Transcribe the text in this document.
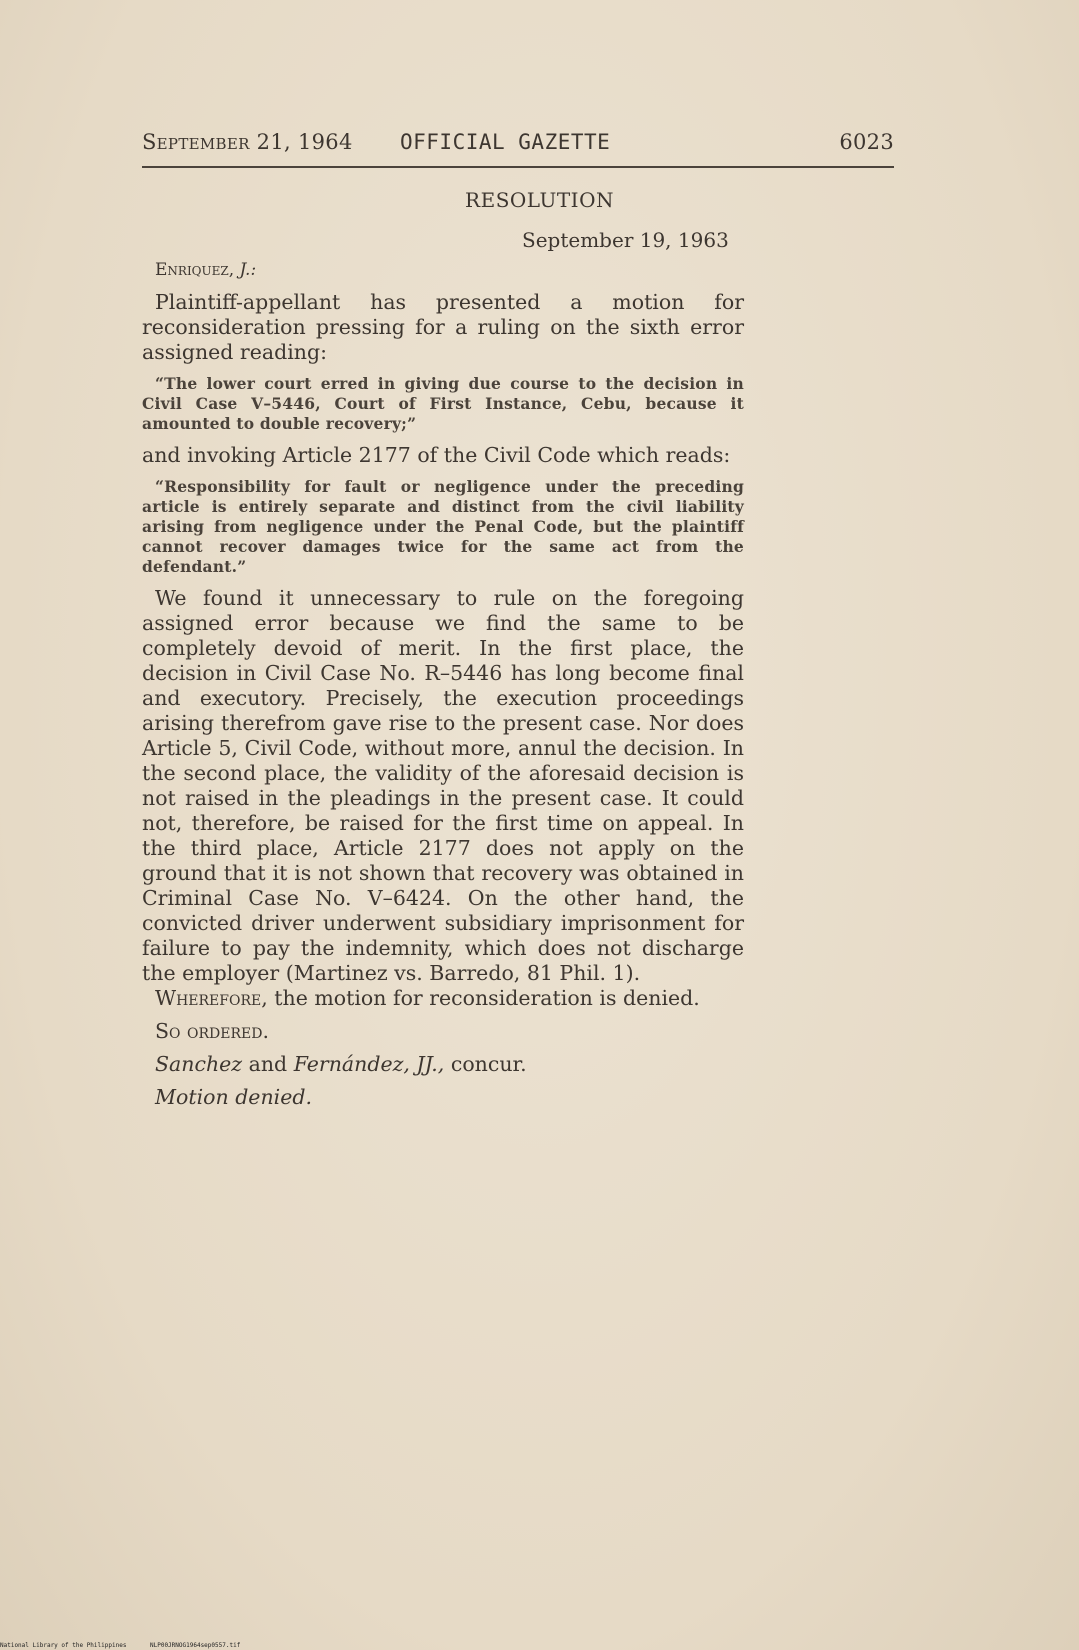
September 21, 1964 OFFICIAL GAZETTE	6023
RESOLUTION
September 19, 1963
Enriquez, J.:

Plaintiff-appellant has presented a motion for reconsideration pressing for a ruling on the sixth error assigned reading:

“The lower court erred in giving due course to the decision in Civil Case V–5446, Court of First Instance, Cebu, because it amounted to double recovery;”

and invoking Article 2177 of the Civil Code which reads:

“Responsibility for fault or negligence under the preceding article is entirely separate and distinct from the civil liability arising from negligence under the Penal Code, but the plaintiff cannot recover damages twice for the same act from the defendant.”

We found it unnecessary to rule on the foregoing assigned error because we find the same to be completely devoid of merit. In the first place, the decision in Civil Case No. R–5446 has long become final and executory. Precisely, the execution proceedings arising therefrom gave rise to the present case. Nor does Article 5, Civil Code, without more, annul the decision. In the second place, the validity of the aforesaid decision is not raised in the pleadings in the present case. It could not, therefore, be raised for the first time on appeal. In the third place, Article 2177 does not apply on the ground that it is not shown that recovery was obtained in Criminal Case No. V–6424. On the other hand, the convicted driver underwent subsidiary imprisonment for failure to pay the indemnity, which does not discharge the employer (Martinez vs. Barredo, 81 Phil. 1).

Wherefore, the motion for reconsideration is denied.

So ordered.

Sanchez and Fernández, JJ., concur.

Motion denied.

National Library of the Philippines	NLP00JRNOG1964sep0557.tif
